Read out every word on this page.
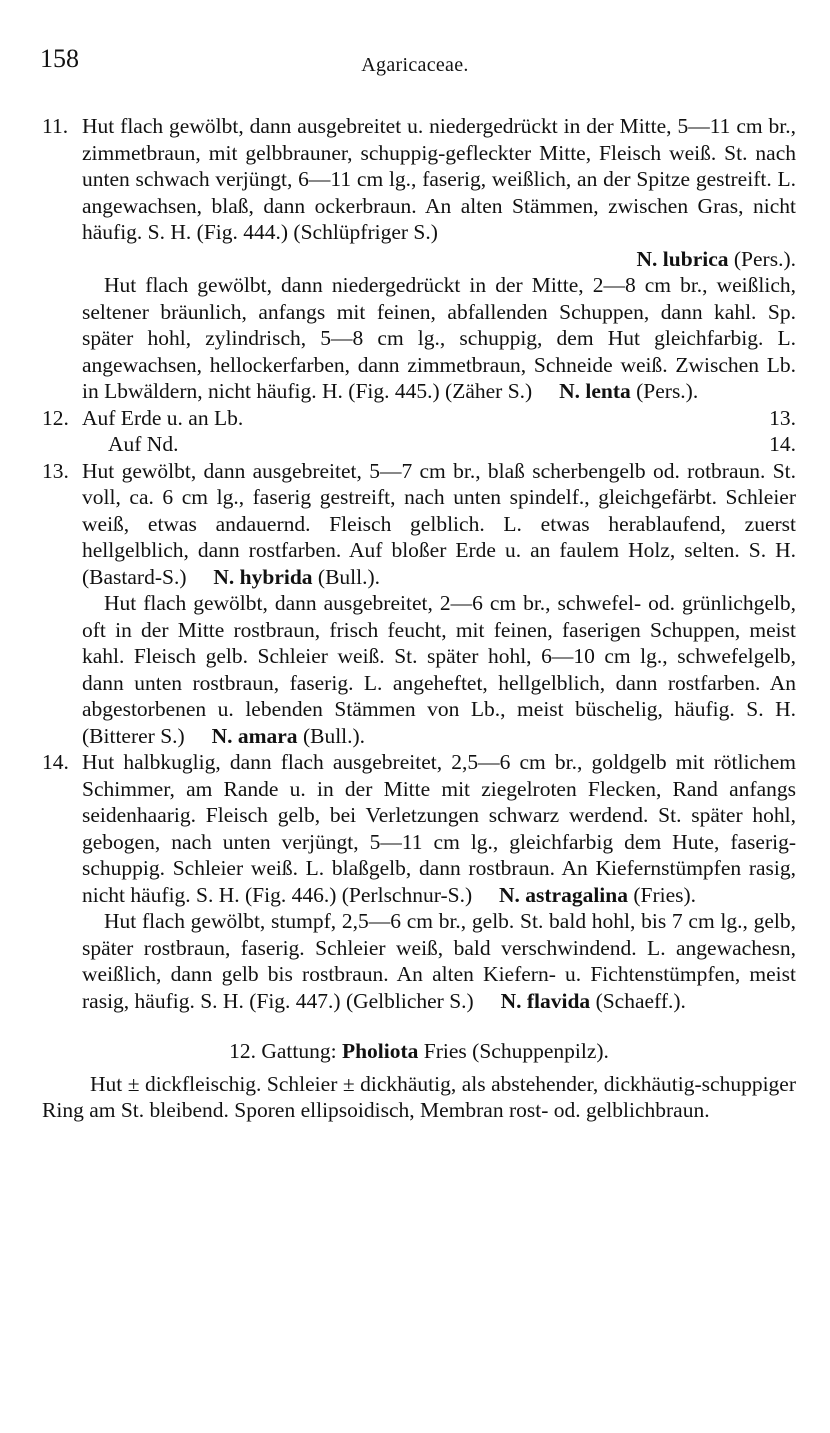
158	Agaricaceae.
11. Hut flach gewölbt, dann ausgebreitet u. niedergedrückt in der Mitte, 5—11 cm br., zimmetbraun, mit gelbbrauner, schuppig-gefleckter Mitte, Fleisch weiß. St. nach unten schwach verjüngt, 6—11 cm lg., faserig, weißlich, an der Spitze gestreift. L. angewachsen, blaß, dann ockerbraun. An alten Stämmen, zwischen Gras, nicht häufig. S. H. (Fig. 444.) (Schlüpfriger S.)
N. lubrica (Pers.).

Hut flach gewölbt, dann niedergedrückt in der Mitte, 2—8 cm br., weißlich, seltener bräunlich, anfangs mit feinen, abfallenden Schuppen, dann kahl. Sp. später hohl, zylindrisch, 5—8 cm lg., schuppig, dem Hut gleichfarbig. L. angewachsen, hellockerfarben, dann zimmetbraun, Schneide weiß. Zwischen Lb. in Lbwäldern, nicht häufig. H. (Fig. 445.) (Zäher S.) N. lenta (Pers.).

12. Auf Erde u. an Lb.	13.
Auf Nd.	14.
13. Hut gewölbt, dann ausgebreitet, 5—7 cm br., blaß scherbengelb od. rotbraun. St. voll, ca. 6 cm lg., faserig gestreift, nach unten spindelf., gleichgefärbt. Schleier weiß, etwas andauernd. Fleisch gelblich. L. etwas herablaufend, zuerst hellgelblich, dann rostfarben. Auf bloßer Erde u. an faulem Holz, selten. S. H. (Bastard-S.) N. hybrida (Bull.).

Hut flach gewölbt, dann ausgebreitet, 2—6 cm br., schwefel- od. grünlichgelb, oft in der Mitte rostbraun, frisch feucht, mit feinen, faserigen Schuppen, meist kahl. Fleisch gelb. Schleier weiß. St. später hohl, 6—10 cm lg., schwefelgelb, dann unten rostbraun, faserig. L. angeheftet, hellgelblich, dann rostfarben. An abgestorbenen u. lebenden Stämmen von Lb., meist büschelig, häufig. S. H. (Bitterer S.) N. amara (Bull.).

14. Hut halbkuglig, dann flach ausgebreitet, 2,5—6 cm br., goldgelb mit rötlichem Schimmer, am Rande u. in der Mitte mit ziegelroten Flecken, Rand anfangs seidenhaarig. Fleisch gelb, bei Verletzungen schwarz werdend. St. später hohl, gebogen, nach unten verjüngt, 5—11 cm lg., gleichfarbig dem Hute, faserig-schuppig. Schleier weiß. L. blaßgelb, dann rostbraun. An Kiefernstümpfen rasig, nicht häufig. S. H. (Fig. 446.) (Perlschnur-S.) N. astragalina (Fries).

Hut flach gewölbt, stumpf, 2,5—6 cm br., gelb. St. bald hohl, bis 7 cm lg., gelb, später rostbraun, faserig. Schleier weiß, bald verschwindend. L. angewachesn, weißlich, dann gelb bis rostbraun. An alten Kiefern- u. Fichtenstümpfen, meist rasig, häufig. S. H. (Fig. 447.) (Gelblicher S.) N. flavida (Schaeff.).

12. Gattung: Pholiota Fries (Schuppenpilz).

Hut ± dickfleischig. Schleier ± dickhäutig, als abstehender, dickhäutig-schuppiger Ring am St. bleibend. Sporen ellipsoidisch, Membran rost- od. gelblichbraun.
